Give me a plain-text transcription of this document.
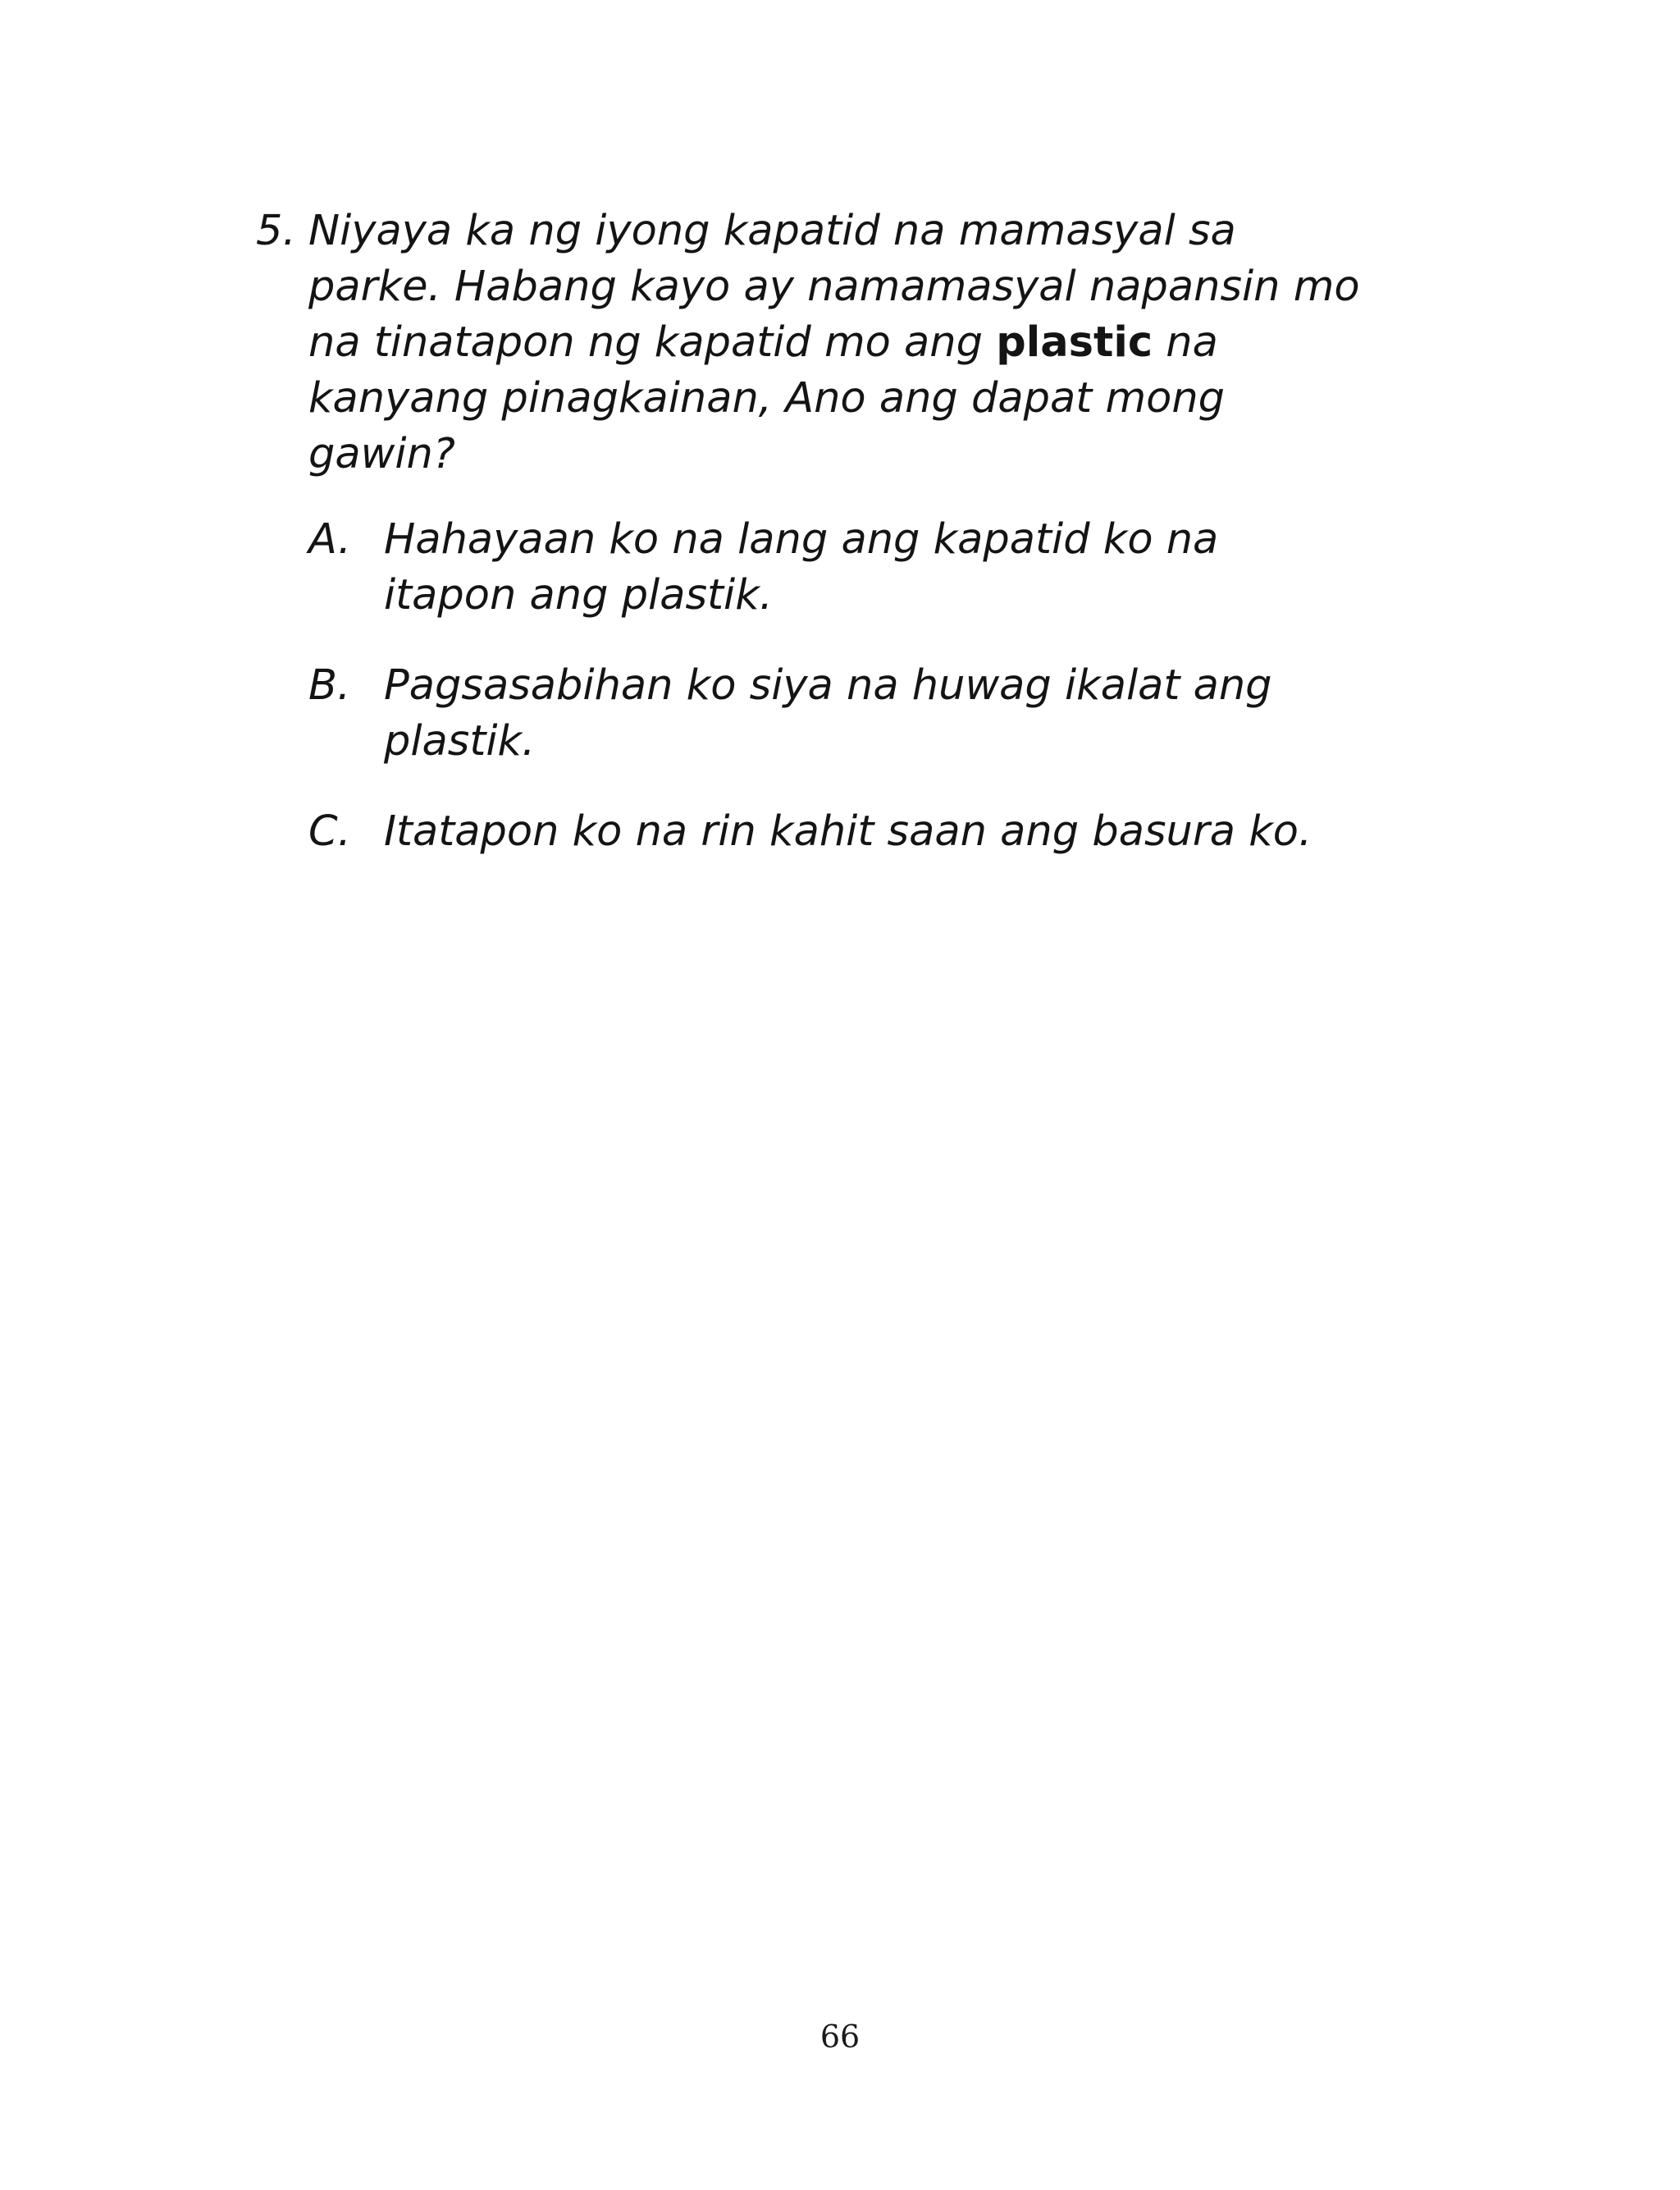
5. Niyaya ka ng iyong kapatid na mamasyal sa parke. Habang kayo ay namamasyal napansin mo na tinatapon ng kapatid mo ang plastic na kanyang pinagkainan, Ano ang dapat mong gawin?
A. Hahayaan ko na lang ang kapatid ko na itapon ang plastik.
B. Pagsasabihan ko siya na huwag ikalat ang plastik.
C. Itatapon ko na rin kahit saan ang basura ko.
66
